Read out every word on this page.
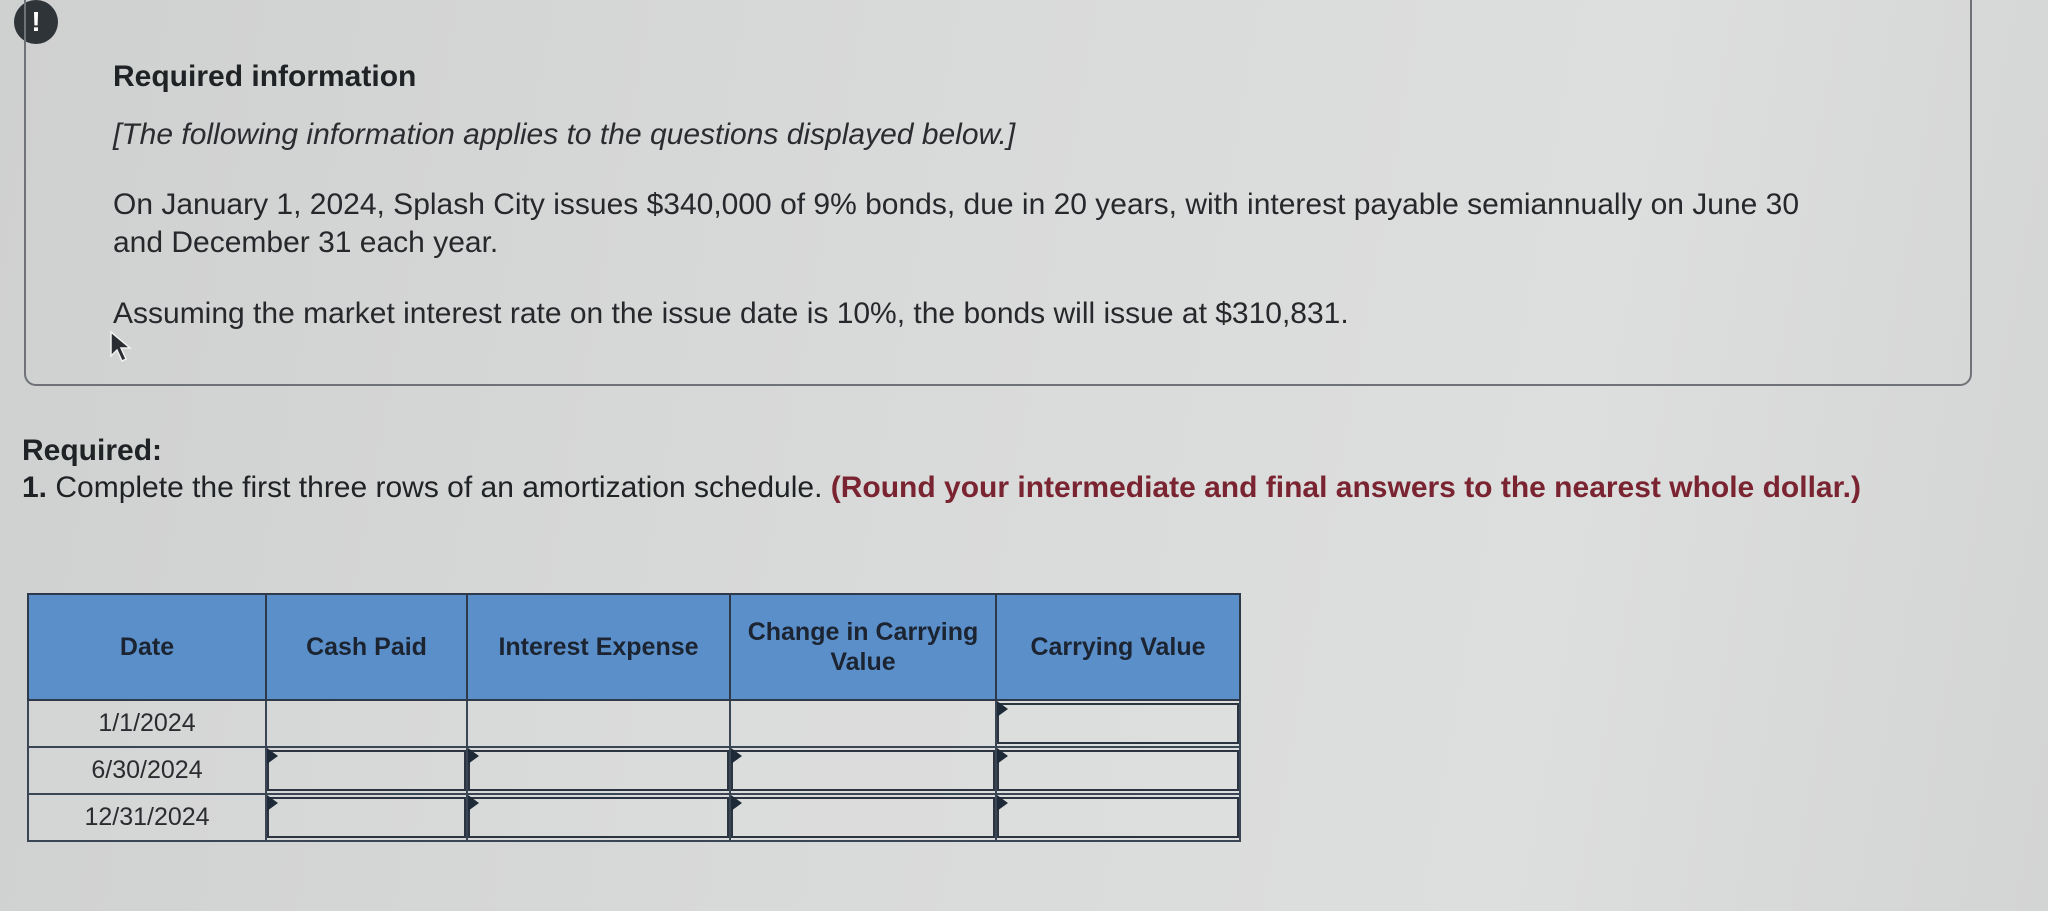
!
Required information
[The following information applies to the questions displayed below.]
On January 1, 2024, Splash City issues $340,000 of 9% bonds, due in 20 years, with interest payable semiannually on June 30 and December 31 each year.
Assuming the market interest rate on the issue date is 10%, the bonds will issue at $310,831.
Required:
1. Complete the first three rows of an amortization schedule. (Round your intermediate and final answers to the nearest whole dollar.)
Date	Cash Paid	Interest Expense	Change in Carrying Value	Carrying Value
1/1/2024				

6/30/2024	

12/31/2024	
